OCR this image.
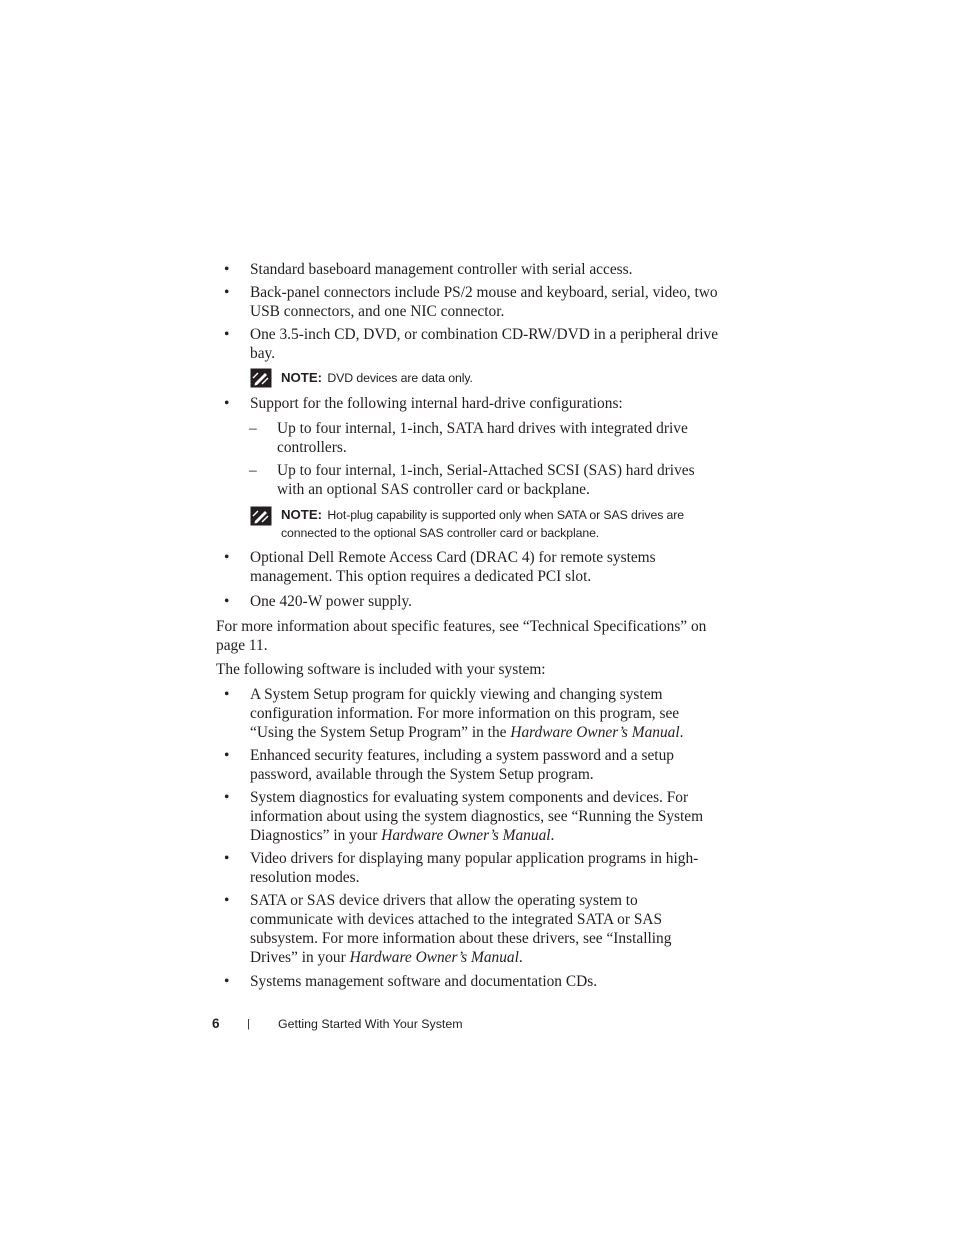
• Standard baseboard management controller with serial access.
• Back-panel connectors include PS/2 mouse and keyboard, serial, video, two USB connectors, and one NIC connector.
• One 3.5-inch CD, DVD, or combination CD-RW/DVD in a peripheral drive bay.
NOTE: DVD devices are data only.
• Support for the following internal hard-drive configurations:
– Up to four internal, 1-inch, SATA hard drives with integrated drive controllers.
– Up to four internal, 1-inch, Serial-Attached SCSI (SAS) hard drives with an optional SAS controller card or backplane.
NOTE: Hot-plug capability is supported only when SATA or SAS drives are connected to the optional SAS controller card or backplane.
• Optional Dell Remote Access Card (DRAC 4) for remote systems management. This option requires a dedicated PCI slot.
• One 420-W power supply.
For more information about specific features, see “Technical Specifications” on page 11.
The following software is included with your system:
• A System Setup program for quickly viewing and changing system configuration information. For more information on this program, see “Using the System Setup Program” in the Hardware Owner’s Manual.
• Enhanced security features, including a system password and a setup password, available through the System Setup program.
• System diagnostics for evaluating system components and devices. For information about using the system diagnostics, see “Running the System Diagnostics” in your Hardware Owner’s Manual.
• Video drivers for displaying many popular application programs in high-resolution modes.
• SATA or SAS device drivers that allow the operating system to communicate with devices attached to the integrated SATA or SAS subsystem. For more information about these drivers, see “Installing Drives” in your Hardware Owner’s Manual.
• Systems management software and documentation CDs.
6 | Getting Started With Your System
